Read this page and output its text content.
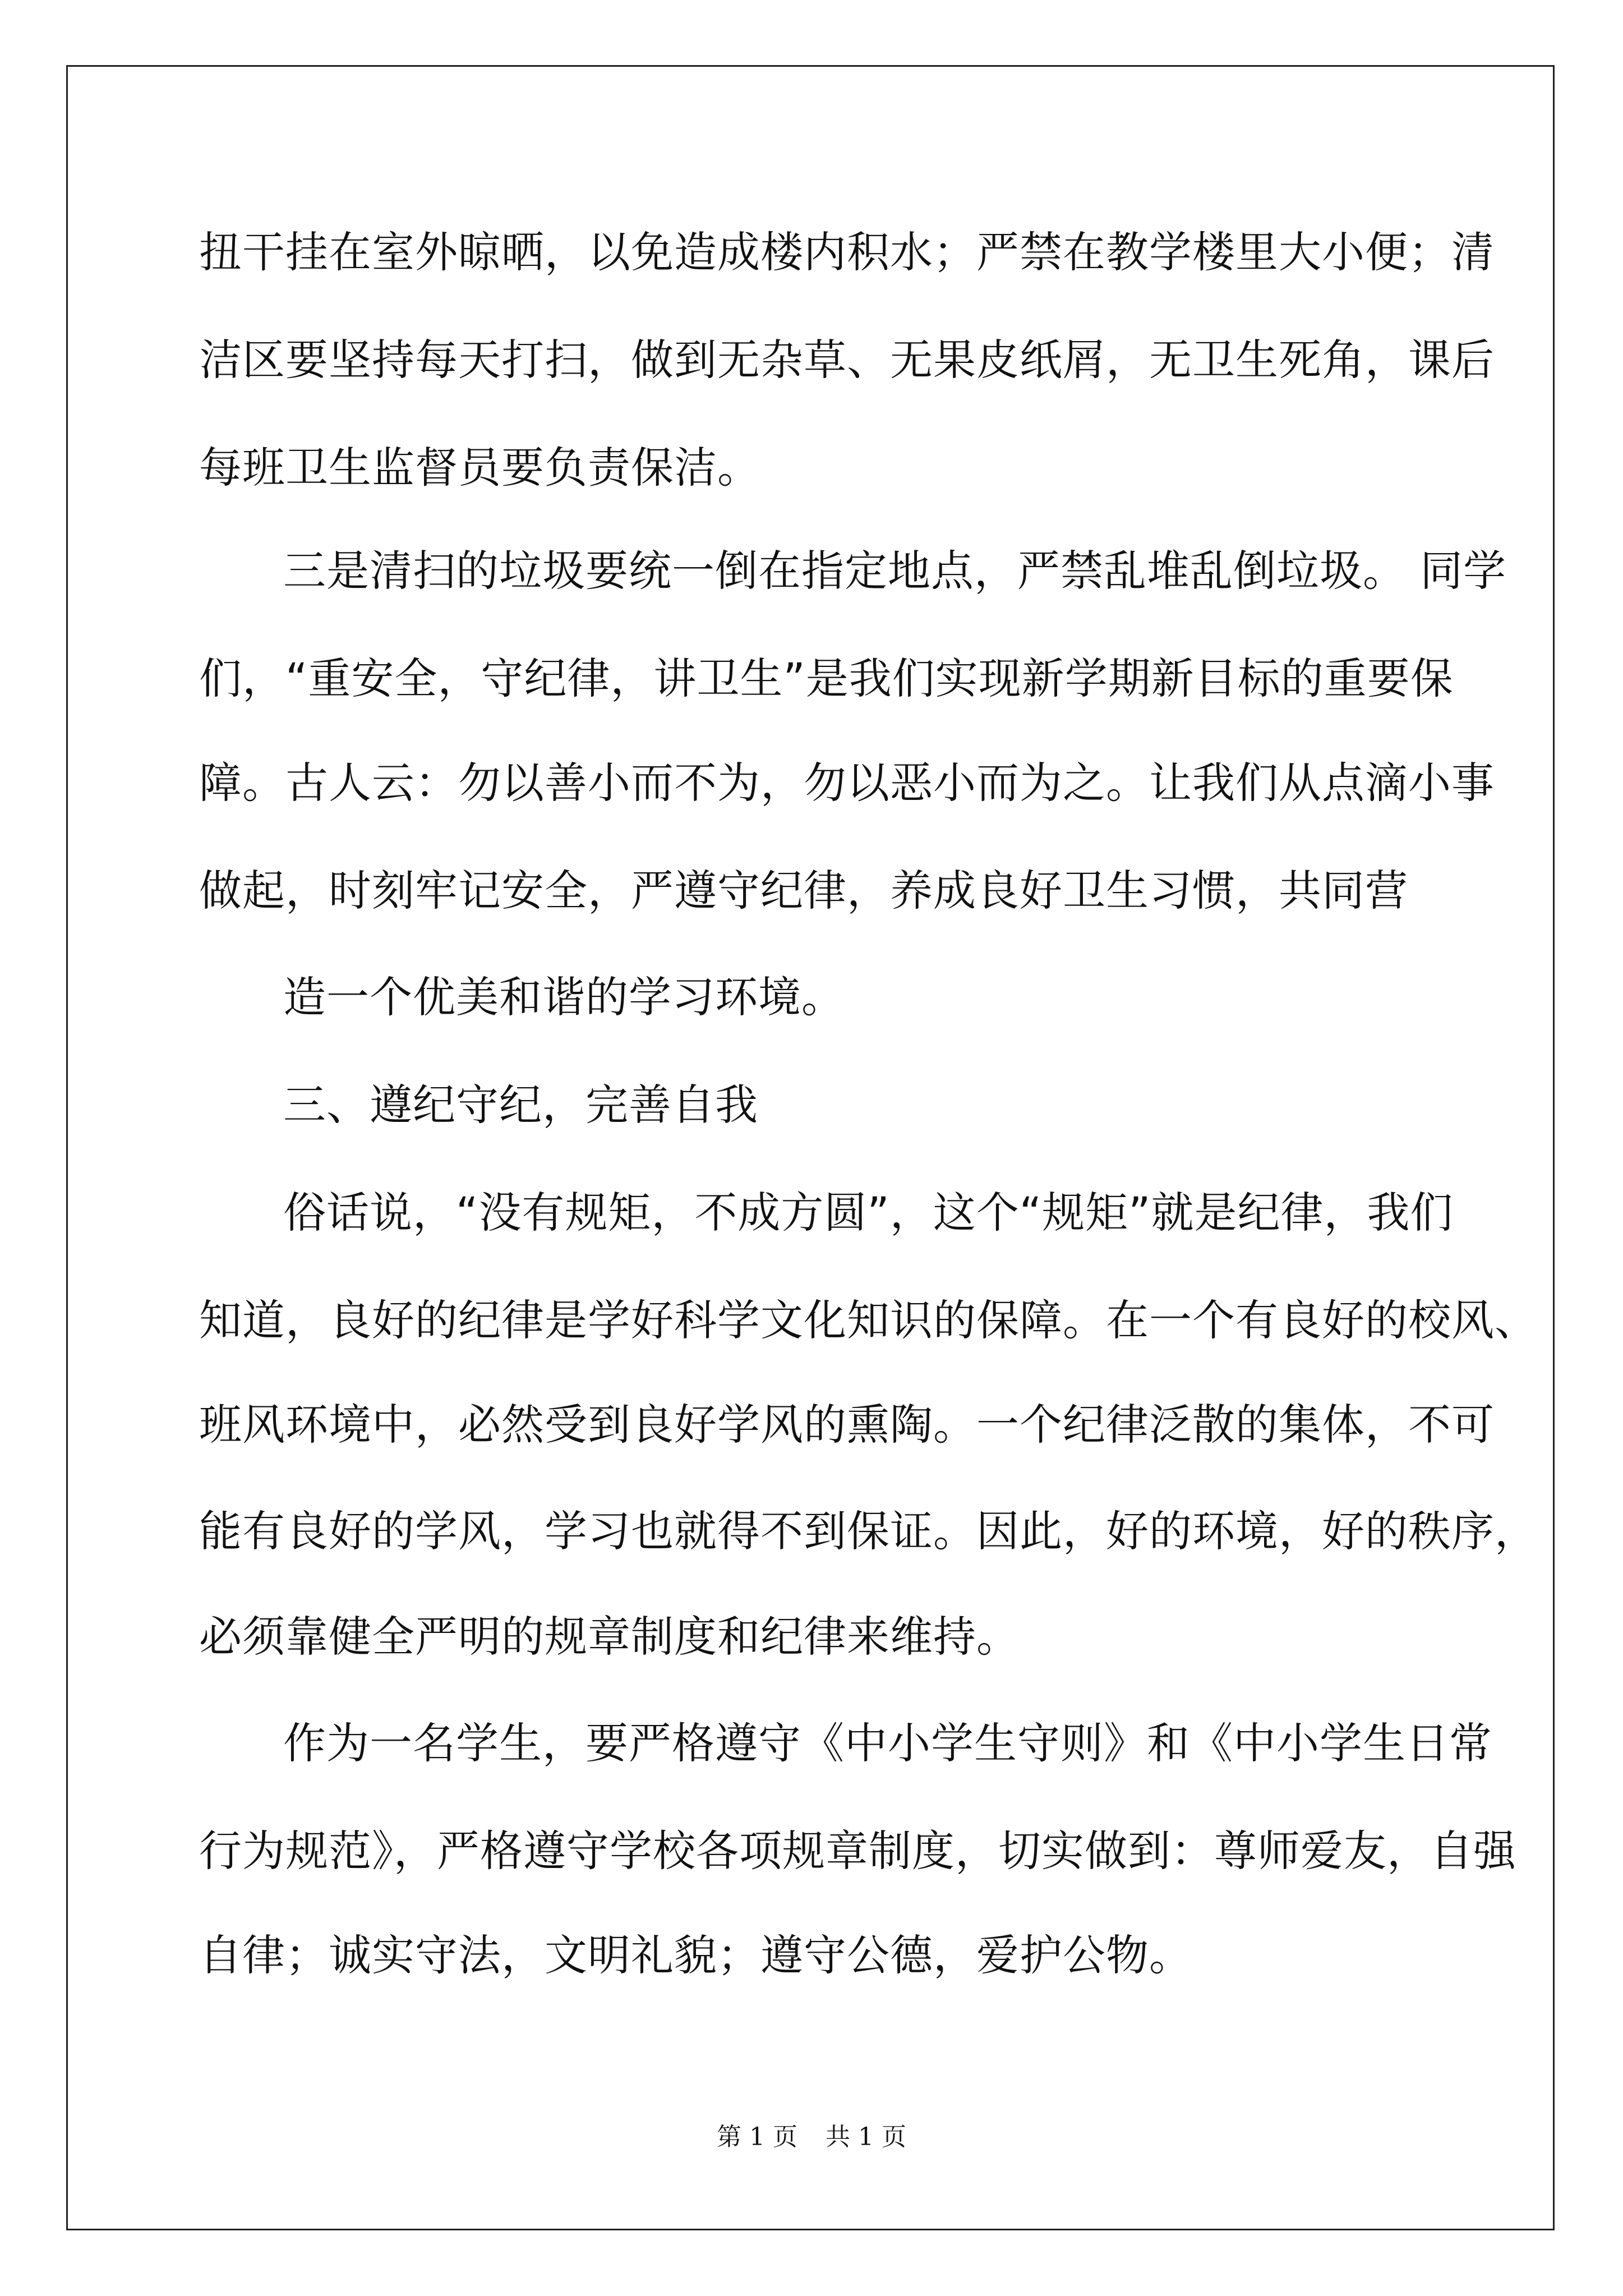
扭干挂在室外晾晒，以免造成楼内积水；严禁在教学楼里大小便；清
洁区要坚持每天打扫，做到无杂草、无果皮纸屑，无卫生死角，课后
每班卫生监督员要负责保洁。
三是清扫的垃圾要统一倒在指定地点，严禁乱堆乱倒垃圾。 同学
们，“重安全，守纪律，讲卫生”是我们实现新学期新目标的重要保
障。古人云：勿以善小而不为，勿以恶小而为之。让我们从点滴小事
做起，时刻牢记安全，严遵守纪律，养成良好卫生习惯，共同营
造一个优美和谐的学习环境。
三、遵纪守纪，完善自我
俗话说，“没有规矩，不成方圆”，这个“规矩”就是纪律，我们
知道，良好的纪律是学好科学文化知识的保障。在一个有良好的校风、
班风环境中，必然受到良好学风的熏陶。一个纪律泛散的集体，不可
能有良好的学风，学习也就得不到保证。因此，好的环境，好的秩序，
必须靠健全严明的规章制度和纪律来维持。
作为一名学生，要严格遵守《中小学生守则》和《中小学生日常
行为规范》，严格遵守学校各项规章制度，切实做到：尊师爱友，自强
自律；诚实守法，文明礼貌；遵守公德，爱护公物。
第 1 页 共 1 页
